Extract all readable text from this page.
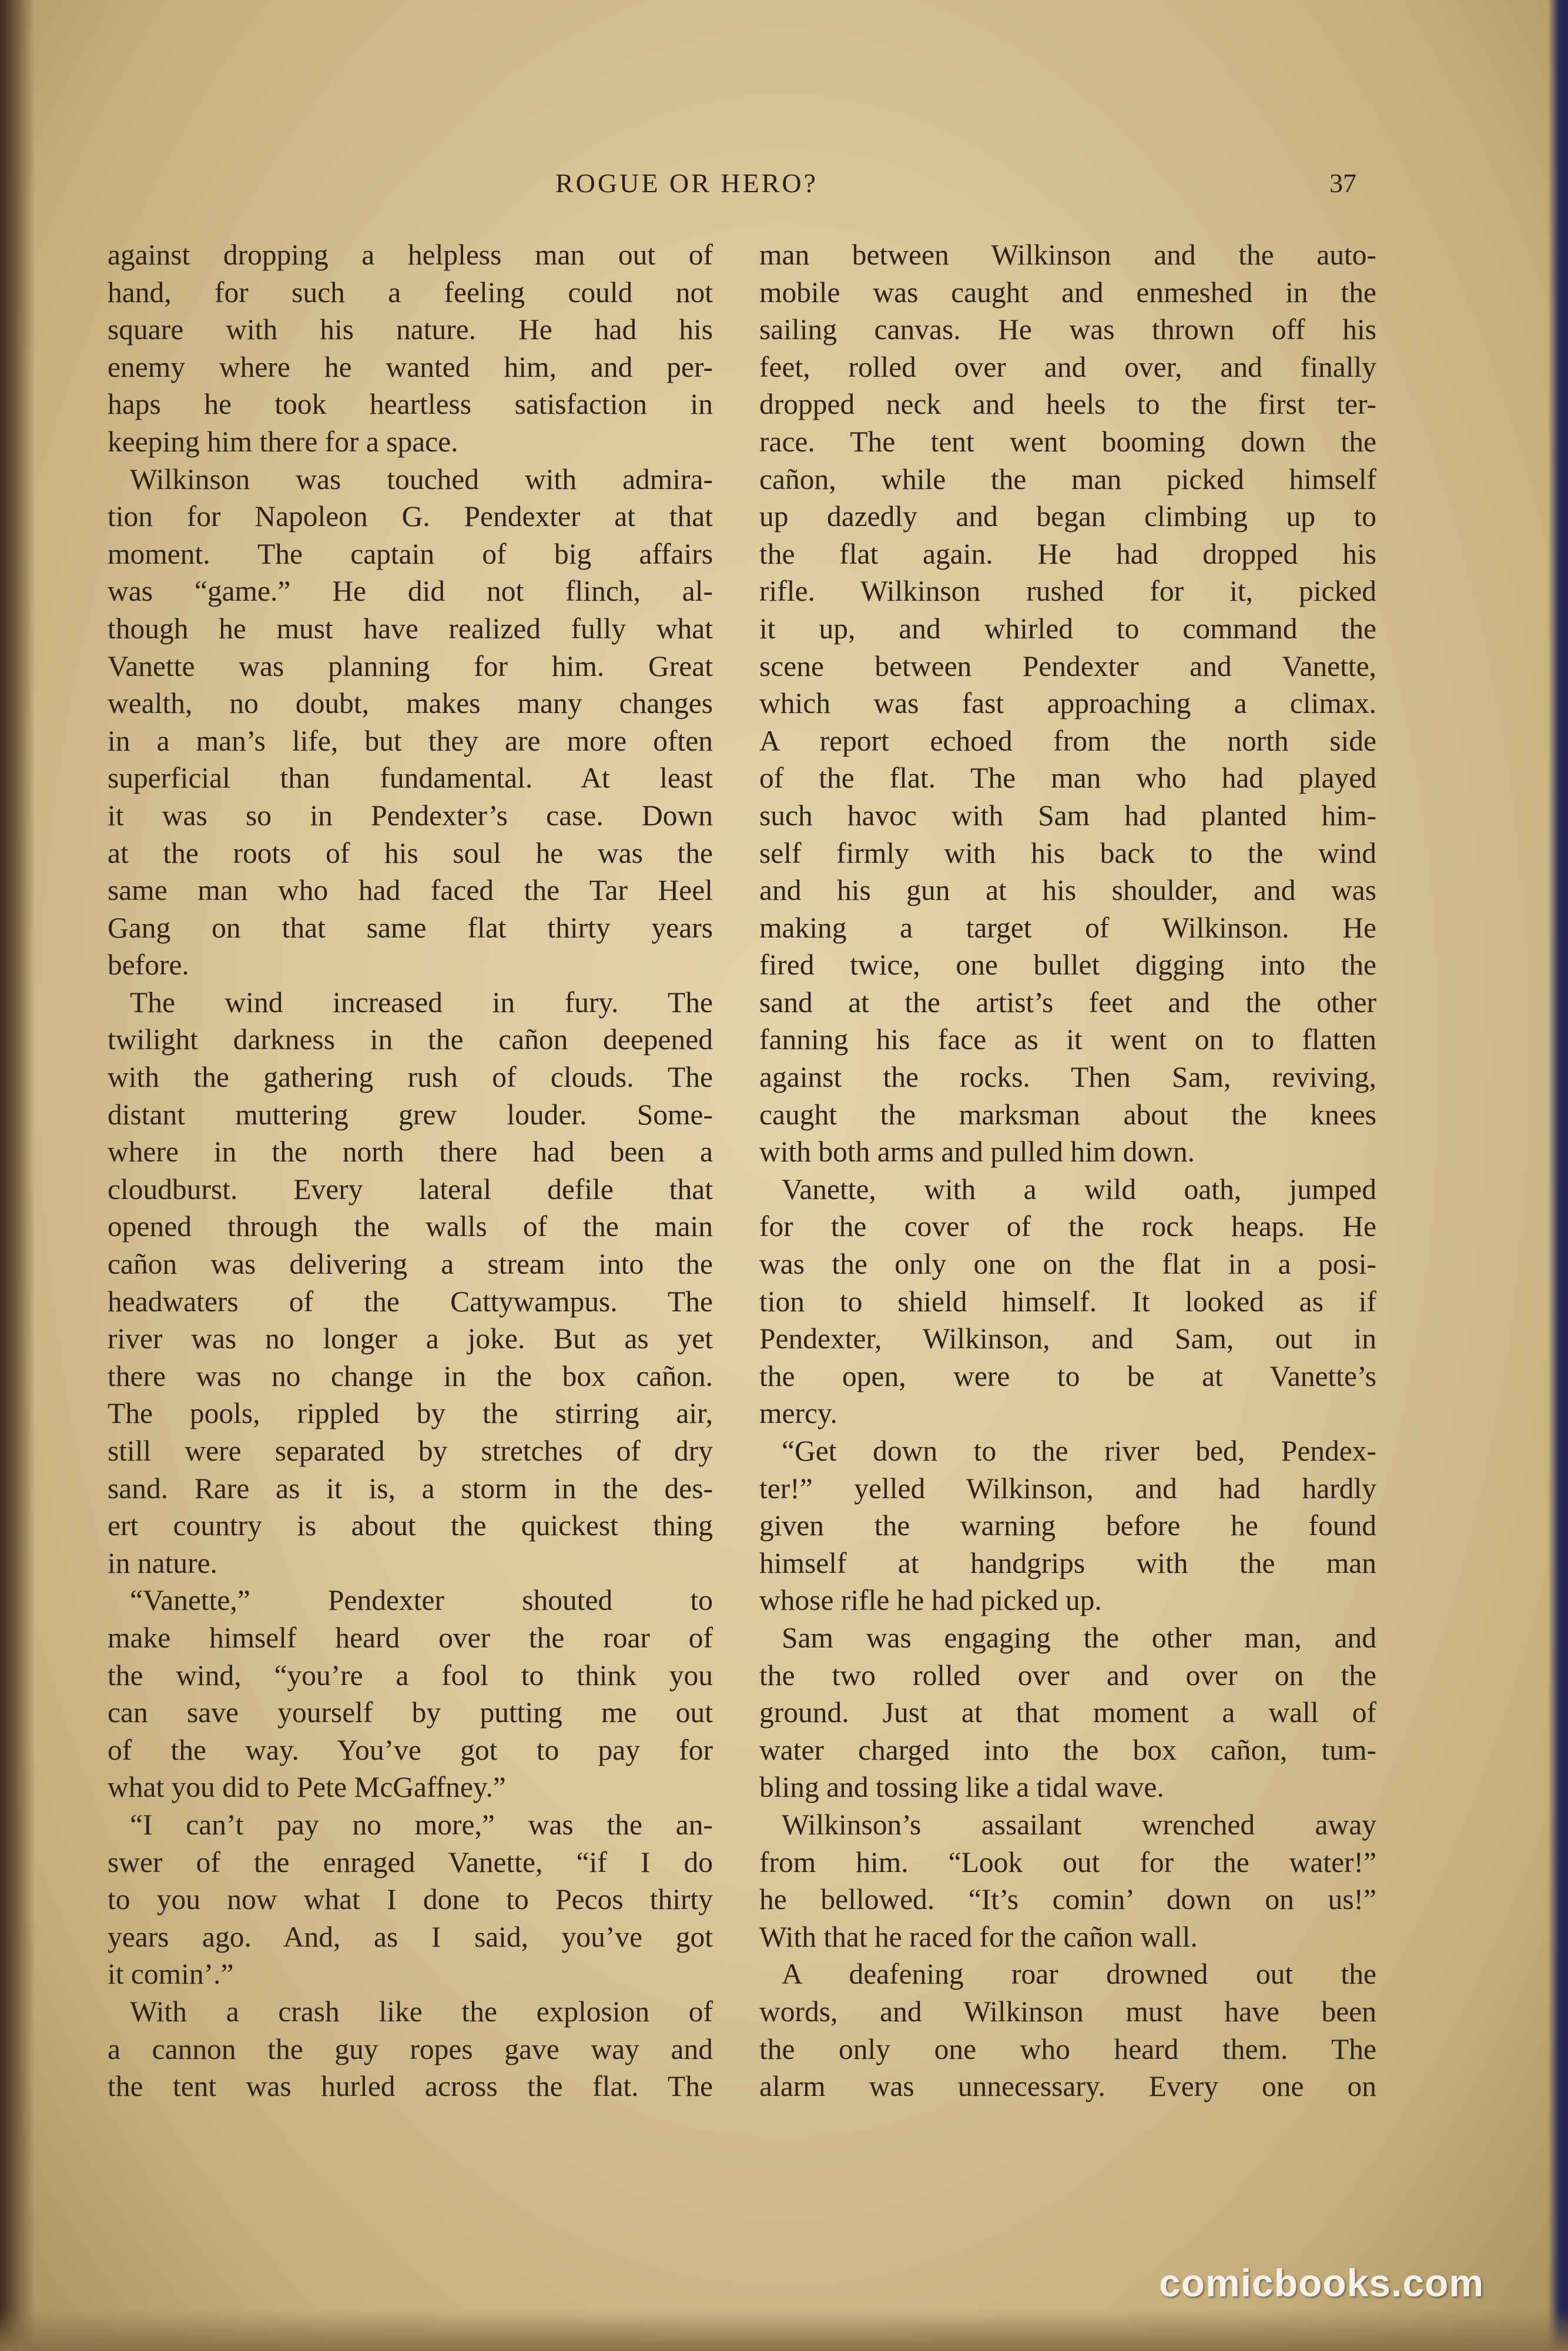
ROGUE OR HERO?	37
against dropping a helpless man out of
hand, for such a feeling could not
square with his nature. He had his
enemy where he wanted him, and per-
haps he took heartless satisfaction in
keeping him there for a space.
Wilkinson was touched with admira-
tion for Napoleon G. Pendexter at that
moment. The captain of big affairs
was “game.” He did not flinch, al-
though he must have realized fully what
Vanette was planning for him. Great
wealth, no doubt, makes many changes
in a man’s life, but they are more often
superficial than fundamental. At least
it was so in Pendexter’s case. Down
at the roots of his soul he was the
same man who had faced the Tar Heel
Gang on that same flat thirty years
before.
The wind increased in fury. The
twilight darkness in the cañon deepened
with the gathering rush of clouds. The
distant muttering grew louder. Some-
where in the north there had been a
cloudburst. Every lateral defile that
opened through the walls of the main
cañon was delivering a stream into the
headwaters of the Cattywampus. The
river was no longer a joke. But as yet
there was no change in the box cañon.
The pools, rippled by the stirring air,
still were separated by stretches of dry
sand. Rare as it is, a storm in the des-
ert country is about the quickest thing
in nature.
“Vanette,” Pendexter shouted to
make himself heard over the roar of
the wind, “you’re a fool to think you
can save yourself by putting me out
of the way. You’ve got to pay for
what you did to Pete McGaffney.”
“I can’t pay no more,” was the an-
swer of the enraged Vanette, “if I do
to you now what I done to Pecos thirty
years ago. And, as I said, you’ve got
it comin’.”
With a crash like the explosion of
a cannon the guy ropes gave way and
the tent was hurled across the flat. The
man between Wilkinson and the auto-
mobile was caught and enmeshed in the
sailing canvas. He was thrown off his
feet, rolled over and over, and finally
dropped neck and heels to the first ter-
race. The tent went booming down the
cañon, while the man picked himself
up dazedly and began climbing up to
the flat again. He had dropped his
rifle. Wilkinson rushed for it, picked
it up, and whirled to command the
scene between Pendexter and Vanette,
which was fast approaching a climax.
A report echoed from the north side
of the flat. The man who had played
such havoc with Sam had planted him-
self firmly with his back to the wind
and his gun at his shoulder, and was
making a target of Wilkinson. He
fired twice, one bullet digging into the
sand at the artist’s feet and the other
fanning his face as it went on to flatten
against the rocks. Then Sam, reviving,
caught the marksman about the knees
with both arms and pulled him down.
Vanette, with a wild oath, jumped
for the cover of the rock heaps. He
was the only one on the flat in a posi-
tion to shield himself. It looked as if
Pendexter, Wilkinson, and Sam, out in
the open, were to be at Vanette’s
mercy.
“Get down to the river bed, Pendex-
ter!” yelled Wilkinson, and had hardly
given the warning before he found
himself at handgrips with the man
whose rifle he had picked up.
Sam was engaging the other man, and
the two rolled over and over on the
ground. Just at that moment a wall of
water charged into the box cañon, tum-
bling and tossing like a tidal wave.
Wilkinson’s assailant wrenched away
from him. “Look out for the water!”
he bellowed. “It’s comin’ down on us!”
With that he raced for the cañon wall.
A deafening roar drowned out the
words, and Wilkinson must have been
the only one who heard them. The
alarm was unnecessary. Every one on
comicbooks.com
